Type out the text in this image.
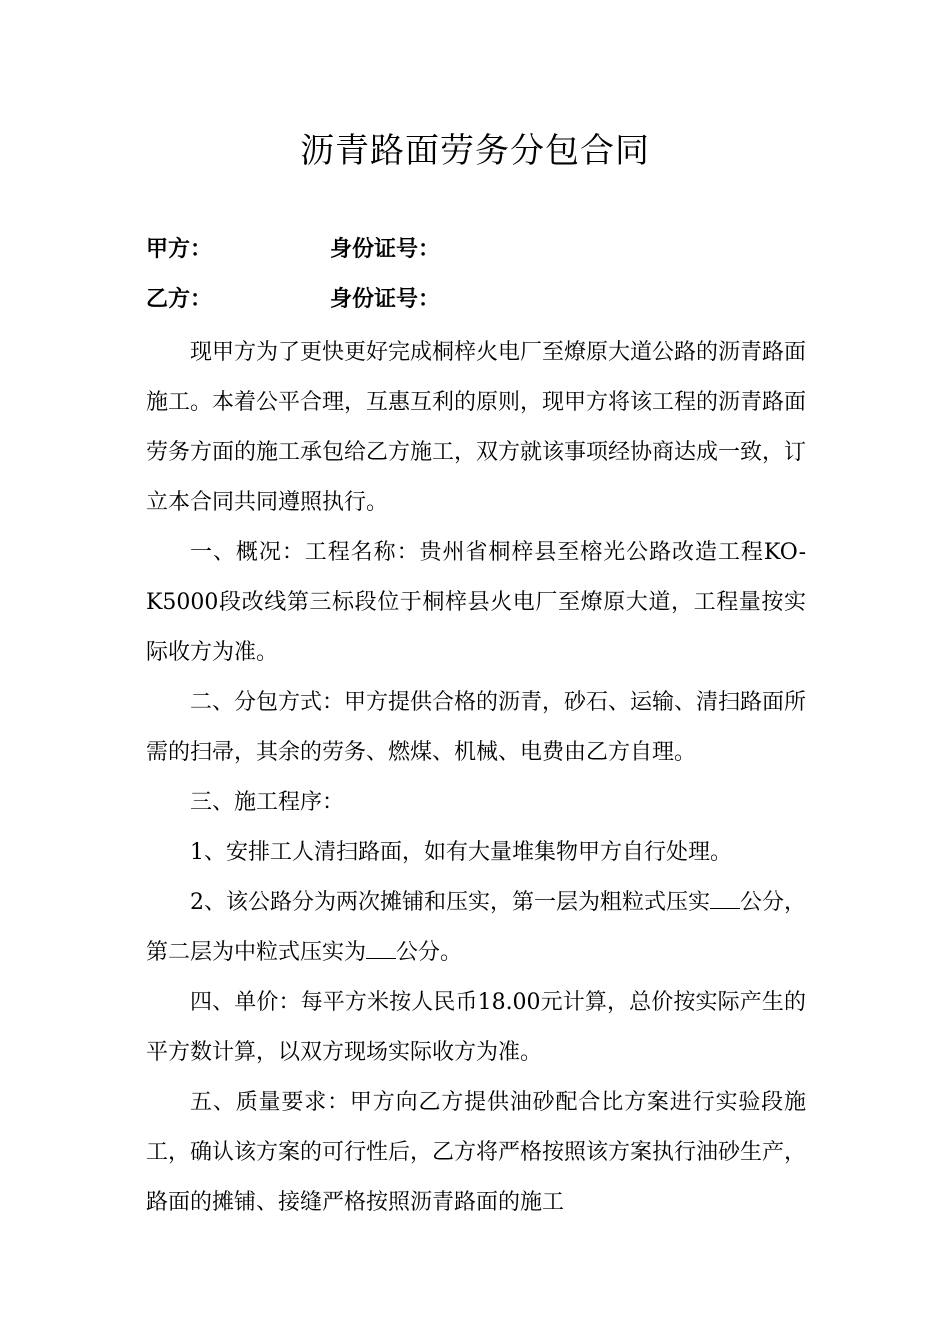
沥青路面劳务分包合同
甲方：	身份证号：
乙方：	身份证号：

现甲方为了更快更好完成桐梓火电厂至燎原大道公路的沥青路面施工。本着公平合理，互惠互利的原则，现甲方将该工程的沥青路面劳务方面的施工承包给乙方施工，双方就该事项经协商达成一致，订立本合同共同遵照执行。

一、概况：工程名称：贵州省桐梓县至榕光公路改造工程KO-K5000段改线第三标段位于桐梓县火电厂至燎原大道，工程量按实际收方为准。

二、分包方式：甲方提供合格的沥青，砂石、运输、清扫路面所需的扫帚，其余的劳务、燃煤、机械、电费由乙方自理。

三、施工程序：

1、安排工人清扫路面，如有大量堆集物甲方自行处理。

2、该公路分为两次摊铺和压实，第一层为粗粒式压实 公分，第二层为中粒式压实为 公分。

四、单价：每平方米按人民币18.00元计算，总价按实际产生的平方数计算，以双方现场实际收方为准。

五、质量要求：甲方向乙方提供油砂配合比方案进行实验段施工，确认该方案的可行性后，乙方将严格按照该方案执行油砂生产，路面的摊铺、接缝严格按照沥青路面的施工
